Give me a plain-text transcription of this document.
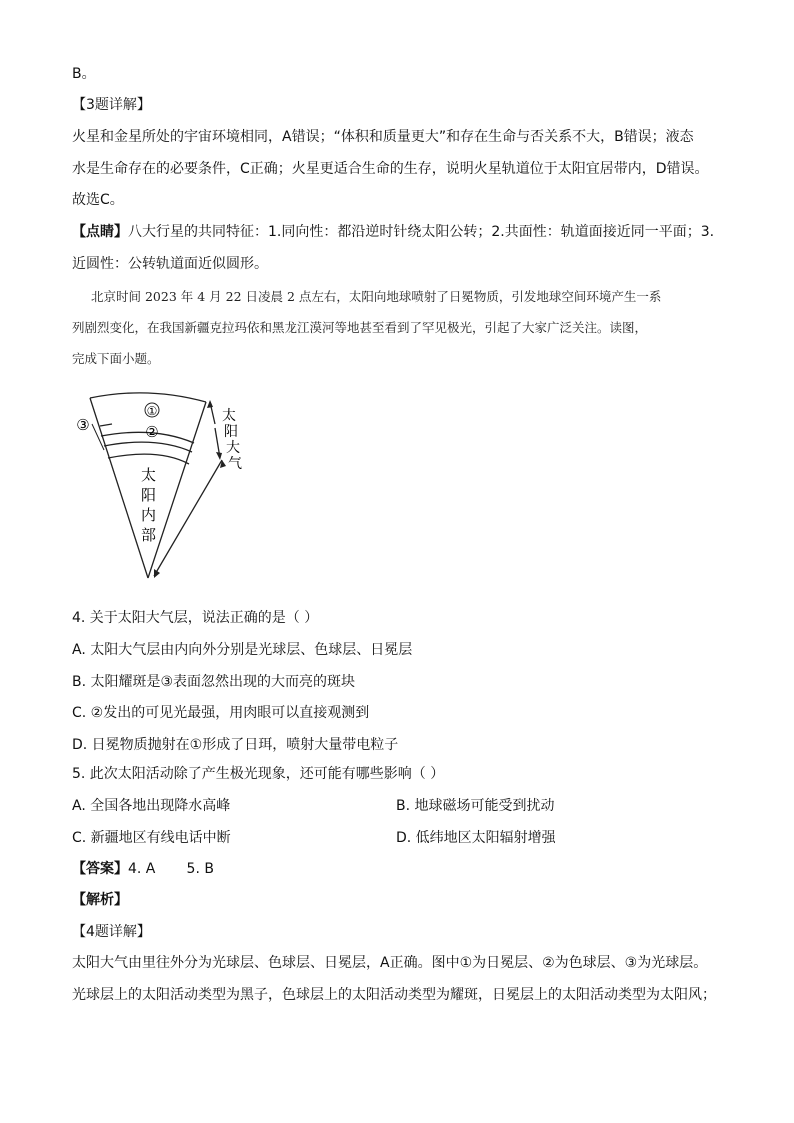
B。
【3题详解】
火星和金星所处的宇宙环境相同，A错误；“体积和质量更大”和存在生命与否关系不大，B错误；液态
水是生命存在的必要条件，C正确；火星更适合生命的生存，说明火星轨道位于太阳宜居带内，D错误。
故选C。
【点睛】八大行星的共同特征：1.同向性：都沿逆时针绕太阳公转；2.共面性：轨道面接近同一平面；3.
近圆性：公转轨道面近似圆形。
北京时间 2023 年 4 月 22 日凌晨 2 点左右，太阳向地球喷射了日冕物质，引发地球空间环境产生一系
列剧烈变化，在我国新疆克拉玛依和黑龙江漠河等地甚至看到了罕见极光，引起了大家广泛关注。读图，
完成下面小题。
①
②
③	太
阳
大
气
太
阳
内
部
4. 关于太阳大气层，说法正确的是（ ）
A. 太阳大气层由内向外分别是光球层、色球层、日冕层
B. 太阳耀斑是③表面忽然出现的大而亮的斑块
C. ②发出的可见光最强，用肉眼可以直接观测到
D. 日冕物质抛射在①形成了日珥，喷射大量带电粒子
5. 此次太阳活动除了产生极光现象，还可能有哪些影响（ ）
A. 全国各地出现降水高峰	B. 地球磁场可能受到扰动
C. 新疆地区有线电话中断	D. 低纬地区太阳辐射增强
【答案】4. A       5. B
【解析】
【4题详解】
太阳大气由里往外分为光球层、色球层、日冕层，A正确。图中①为日冕层、②为色球层、③为光球层。
光球层上的太阳活动类型为黑子，色球层上的太阳活动类型为耀斑，日冕层上的太阳活动类型为太阳风；
